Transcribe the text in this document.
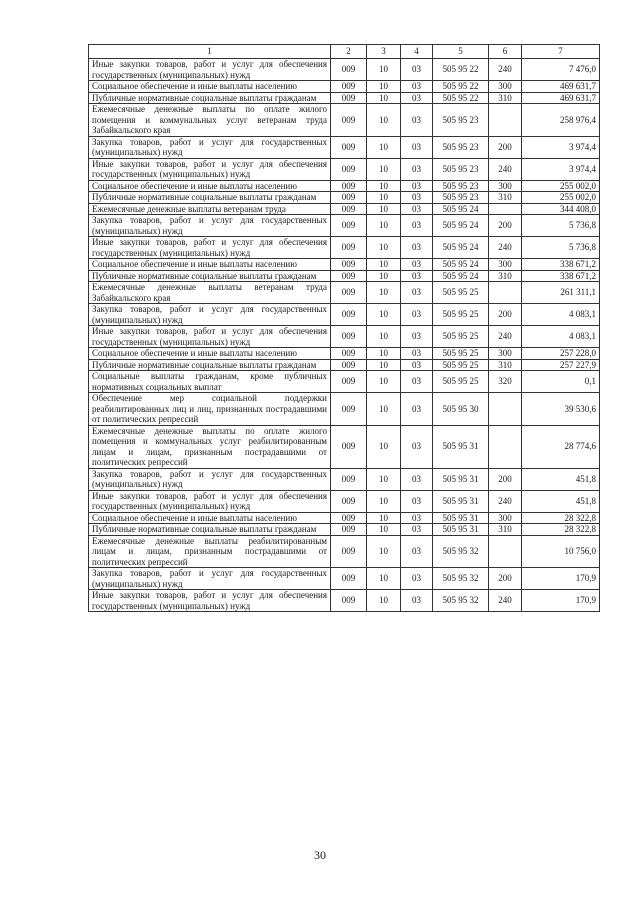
1	2	3	4	5	6	7
Иные закупки товаров, работ и услуг для обеспечения государственных (муниципальных) нужд	009	10	03	505 95 22	240	7 476,0
Социальное обеспечение и иные выплаты населению	009	10	03	505 95 22	300	469 631,7
Публичные нормативные социальные выплаты гражданам	009	10	03	505 95 22	310	469 631,7
Ежемесячные денежные выплаты по оплате жилого помещения и коммунальных услуг ветеранам труда Забайкальского края	009	10	03	505 95 23		258 976,4
Закупка товаров, работ и услуг для государственных (муниципальных) нужд	009	10	03	505 95 23	200	3 974,4
Иные закупки товаров, работ и услуг для обеспечения государственных (муниципальных) нужд	009	10	03	505 95 23	240	3 974,4
Социальное обеспечение и иные выплаты населению	009	10	03	505 95 23	300	255 002,0
Публичные нормативные социальные выплаты гражданам	009	10	03	505 95 23	310	255 002,0
Ежемесячные денежные выплаты ветеранам труда	009	10	03	505 95 24		344 408,0
Закупка товаров, работ и услуг для государственных (муниципальных) нужд	009	10	03	505 95 24	200	5 736,8
Иные закупки товаров, работ и услуг для обеспечения государственных (муниципальных) нужд	009	10	03	505 95 24	240	5 736,8
Социальное обеспечение и иные выплаты населению	009	10	03	505 95 24	300	338 671,2
Публичные нормативные социальные выплаты гражданам	009	10	03	505 95 24	310	338 671,2
Ежемесячные денежные выплаты ветеранам труда Забайкальского края	009	10	03	505 95 25		261 311,1
Закупка товаров, работ и услуг для государственных (муниципальных) нужд	009	10	03	505 95 25	200	4 083,1
Иные закупки товаров, работ и услуг для обеспечения государственных (муниципальных) нужд	009	10	03	505 95 25	240	4 083,1
Социальное обеспечение и иные выплаты населению	009	10	03	505 95 25	300	257 228,0
Публичные нормативные социальные выплаты гражданам	009	10	03	505 95 25	310	257 227,9
Социальные выплаты гражданам, кроме публичных нормативных социальных выплат	009	10	03	505 95 25	320	0,1
Обеспечение мер социальной поддержки реабилитированных лиц и лиц, признанных пострадавшими от политических репрессий	009	10	03	505 95 30		39 530,6
Ежемесячные денежные выплаты по оплате жилого помещения и коммунальных услуг реабилитированным лицам и лицам, признанным пострадавшими от политических репрессий	009	10	03	505 95 31		28 774,6
Закупка товаров, работ и услуг для государственных (муниципальных) нужд	009	10	03	505 95 31	200	451,8
Иные закупки товаров, работ и услуг для обеспечения государственных (муниципальных) нужд	009	10	03	505 95 31	240	451,8
Социальное обеспечение и иные выплаты населению	009	10	03	505 95 31	300	28 322,8
Публичные нормативные социальные выплаты гражданам	009	10	03	505 95 31	310	28 322,8
Ежемесячные денежные выплаты реабилитированным лицам и лицам, признанным пострадавшими от политических репрессий	009	10	03	505 95 32		10 756,0
Закупка товаров, работ и услуг для государственных (муниципальных) нужд	009	10	03	505 95 32	200	170,9
Иные закупки товаров, работ и услуг для обеспечения государственных (муниципальных) нужд	009	10	03	505 95 32	240	170,9
30
